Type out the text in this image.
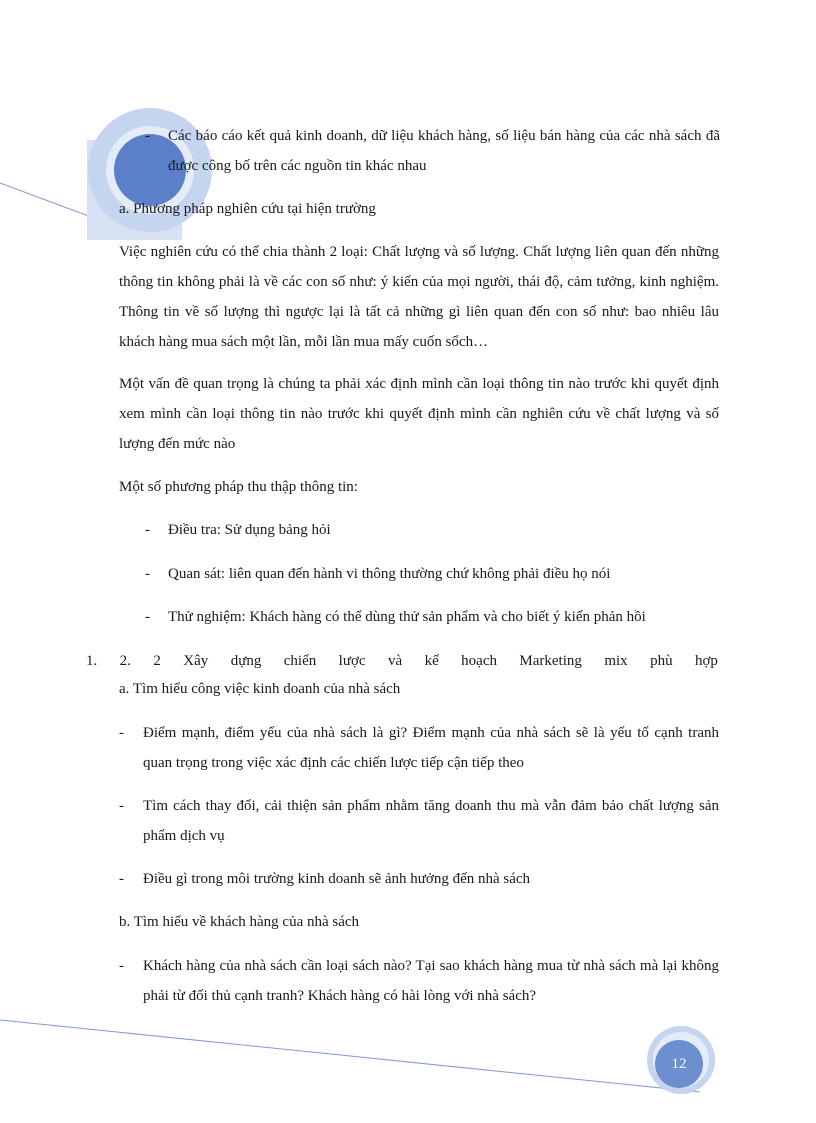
- Các báo cáo kết quả kinh doanh, dữ liệu khách hàng, số liệu bán hàng của các nhà sách đã được công bố trên các nguồn tin khác nhau
a. Phương pháp nghiên cứu tại hiện trường
Việc nghiên cứu có thể chia thành 2 loại: Chất lượng và số lượng. Chất lượng liên quan đến những thông tin không phải là về các con số như: ý kiến của mọi người, thái độ, cảm tưởng, kinh nghiệm. Thông tin về số lượng thì ngược lại là tất cả những gì liên quan đến con số như: bao nhiêu lâu khách hàng mua sách một lần, mỗi lần mua mấy cuốn sổch…
Một vấn đề quan trọng là chúng ta phải xác định mình cần loại thông tin nào trước khi quyết định xem mình cần loại thông tin nào trước khi quyết định mình cần nghiên cứu về chất lượng và số lượng đến mức nào
Một số phương pháp thu thập thông tin:
- Điều tra: Sử dụng bảng hỏi
- Quan sát: liên quan đến hành vi thông thường chứ không phải điều họ nói
- Thử nghiệm: Khách hàng có thể dùng thử sản phẩm và cho biết ý kiến phản hồi
1. 2. 2 Xây dựng chiến lược và kế hoạch Marketing mix phù hợp
a. Tìm hiểu công việc kinh doanh của nhà sách
- Điểm mạnh, điểm yếu của nhà sách là gì? Điểm mạnh của nhà sách sẽ là yếu tố cạnh tranh quan trọng trong việc xác định các chiến lược tiếp cận tiếp theo
- Tìm cách thay đổi, cải thiện sản phẩm nhằm tăng doanh thu mà vẫn đảm bảo chất lượng sản phẩm dịch vụ
- Điều gì trong môi trường kinh doanh sẽ ảnh hưởng đến nhà sách
b. Tìm hiểu về khách hàng của nhà sách
- Khách hàng của nhà sách cần loại sách nào? Tại sao khách hàng mua từ nhà sách mà lại không phải từ đối thủ cạnh tranh? Khách hàng có hài lòng với nhà sách?
12
